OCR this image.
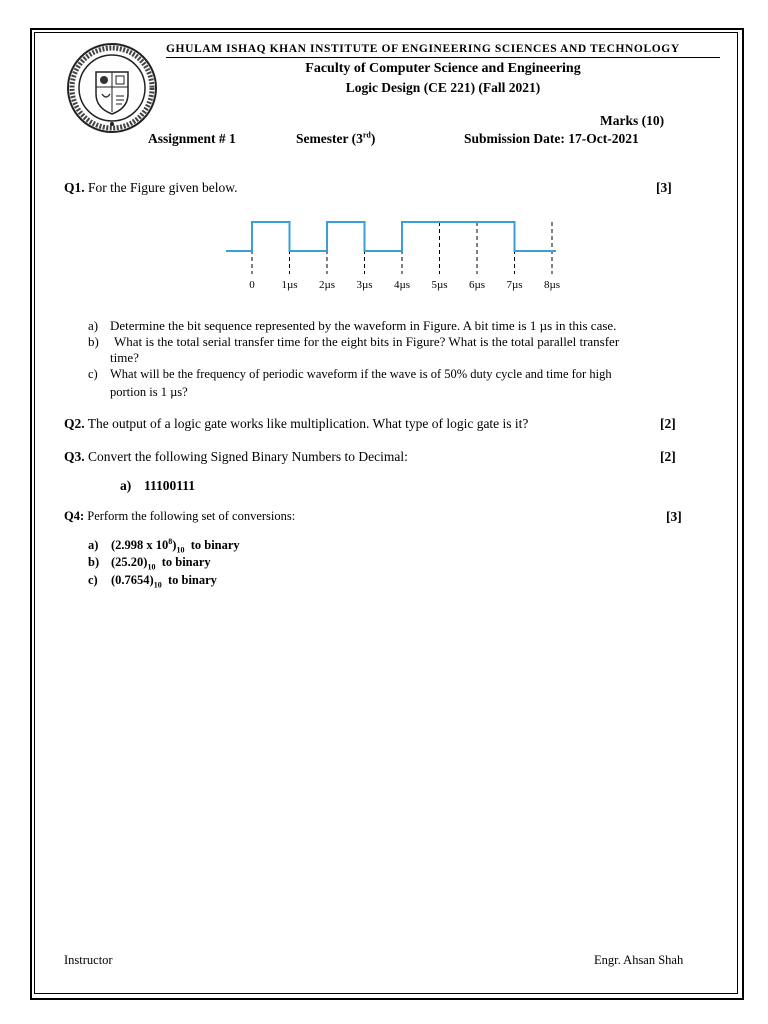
GHULAM ISHAQ KHAN INSTITUTE OF ENGINEERING SCIENCES AND TECHNOLOGY
Faculty of Computer Science and Engineering
Logic Design (CE 221) (Fall 2021)
Marks (10)
Assignment # 1	Semester (3rd)	Submission Date: 17-Oct-2021
Q1. For the Figure given below.	[3]
0 1µs 2µs 3µs 4µs 5µs 6µs 7µs 8µs
a) Determine the bit sequence represented by the waveform in Figure. A bit time is 1 µs in this case.
b) What is the total serial transfer time for the eight bits in Figure? What is the total parallel transfer
time?
c) What will be the frequency of periodic waveform if the wave is of 50% duty cycle and time for high
portion is 1 µs?
Q2. The output of a logic gate works like multiplication. What type of logic gate is it?	[2]
Q3. Convert the following Signed Binary Numbers to Decimal:	[2]
a) 11100111
Q4: Perform the following set of conversions:	[3]
a) (2.998 x $10^8)_{10}$ to binary
b) $(25.20)_{10}$ to binary
c) $(0.7654)_{10}$ to binary
Instructor	Engr. Ahsan Shah
